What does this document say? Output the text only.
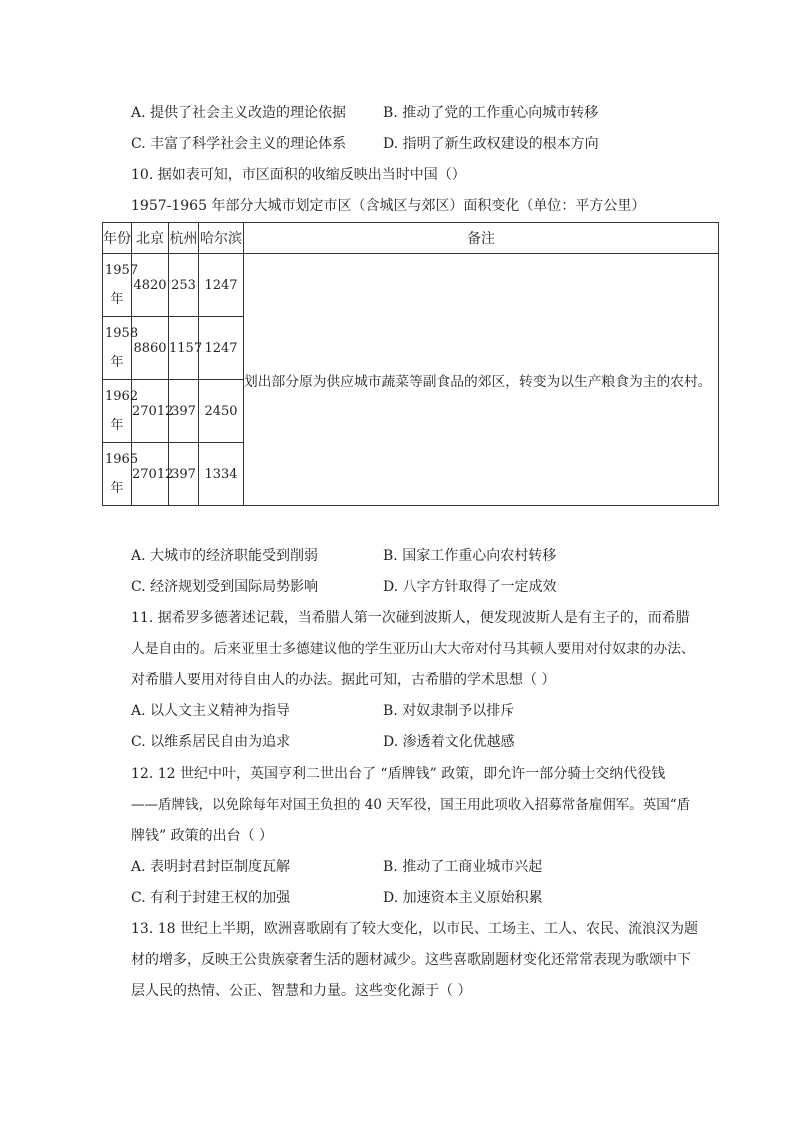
A. 提供了社会主义改造的理论依据	B. 推动了党的工作重心向城市转移
C. 丰富了科学社会主义的理论体系	D. 指明了新生政权建设的根本方向
10. 据如表可知，市区面积的收缩反映出当时中国（）
1957-1965 年部分大城市划定市区（含城区与郊区）面积变化（单位：平方公里）
年份	北京	杭州	哈尔滨	备注
1957年	4820	253	1247	划出部分原为供应城市蔬菜等副食品的郊区，转变为以生产粮食为主的农村。
1958年	8860	1157	1247	
1962年	27012	397	2450	
1965年	27012	397	1334	
A. 大城市的经济职能受到削弱	B. 国家工作重心向农村转移
C. 经济规划受到国际局势影响	D. 八字方针取得了一定成效
11. 据希罗多德著述记载，当希腊人第一次碰到波斯人，便发现波斯人是有主子的，而希腊
人是自由的。后来亚里士多德建议他的学生亚历山大大帝对付马其顿人要用对付奴隶的办法、
对希腊人要用对待自由人的办法。据此可知，古希腊的学术思想（ ）
A. 以人文主义精神为指导	B. 对奴隶制予以排斥
C. 以维系居民自由为追求	D. 渗透着文化优越感
12. 12 世纪中叶，英国亨利二世出台了 “盾牌钱” 政策，即允许一部分骑士交纳代役钱
——盾牌钱，以免除每年对国王负担的 40 天军役，国王用此项收入招募常备雇佣军。英国“盾
牌钱” 政策的出台（ ）
A. 表明封君封臣制度瓦解	B. 推动了工商业城市兴起
C. 有利于封建王权的加强	D. 加速资本主义原始积累
13. 18 世纪上半期，欧洲喜歌剧有了较大变化，以市民、工场主、工人、农民、流浪汉为题
材的增多，反映王公贵族豪奢生活的题材减少。这些喜歌剧题材变化还常常表现为歌颂中下
层人民的热情、公正、智慧和力量。这些变化源于（ ）
